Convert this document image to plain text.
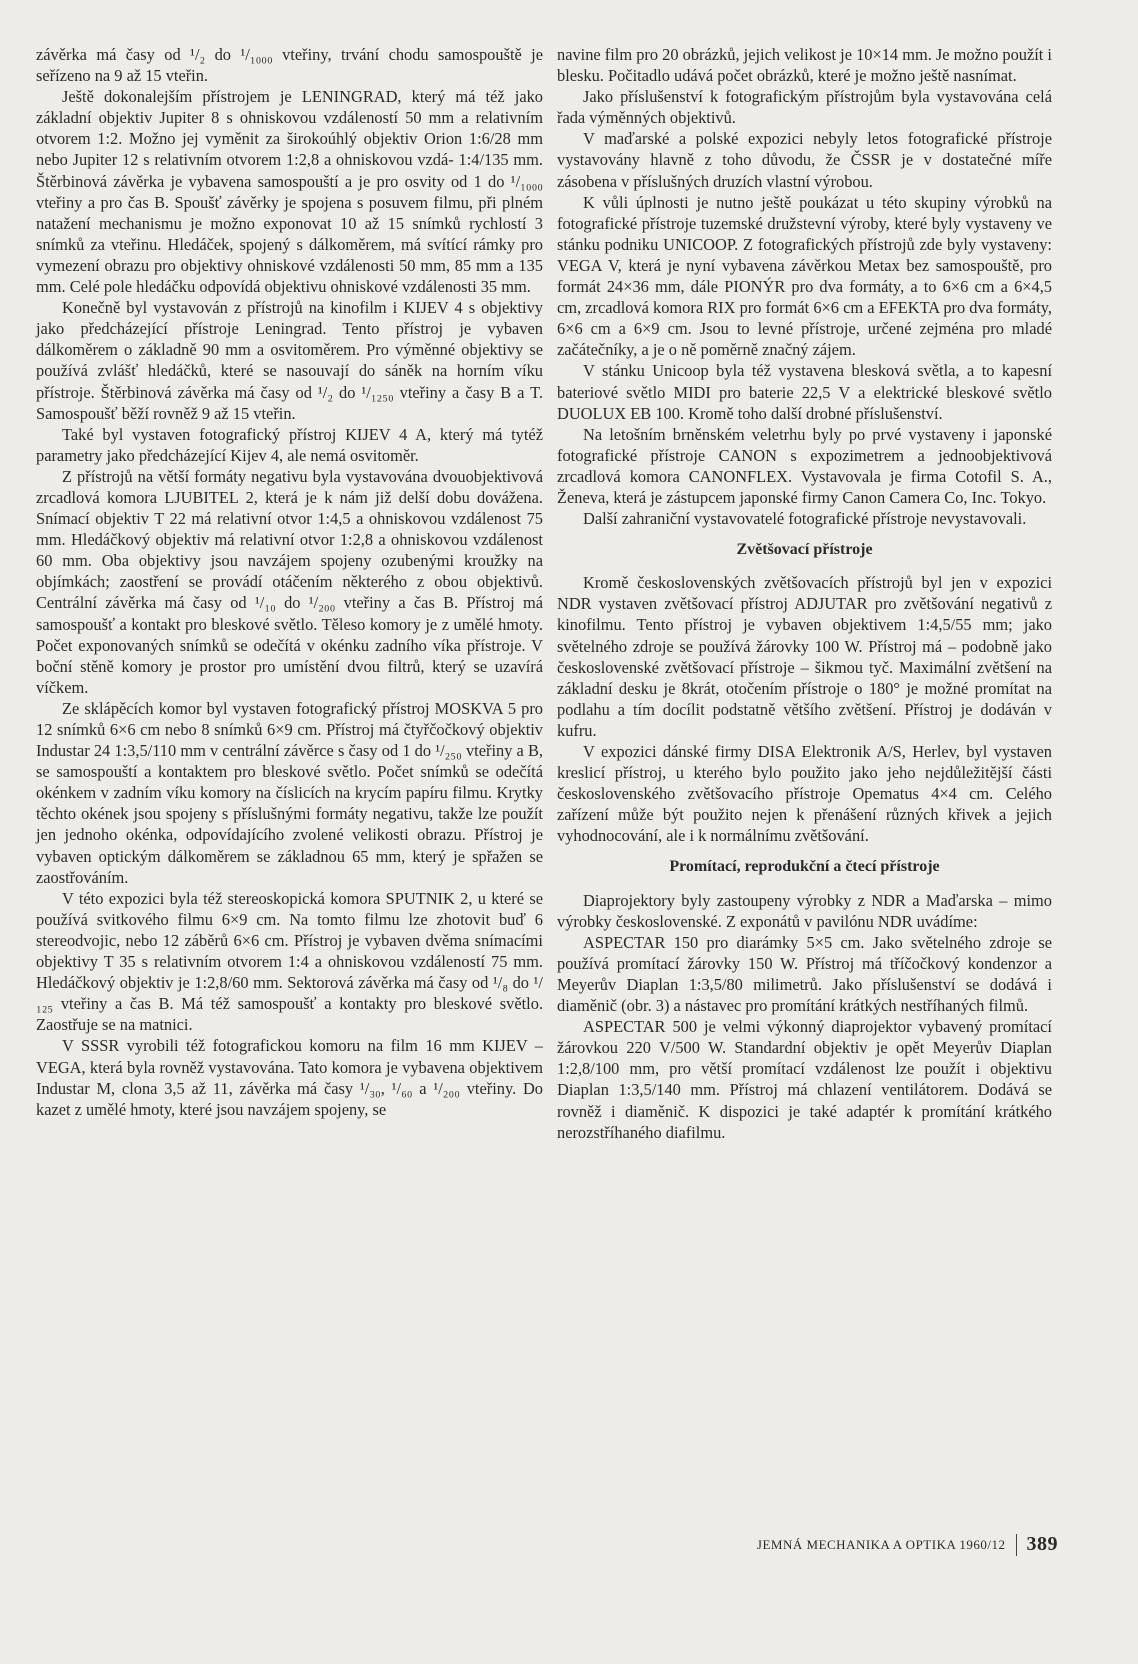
závěrka má časy od ¹/₂ do ¹/₁₀₀₀ vteřiny, trvání chodu samospouště je seřízeno na 9 až 15 vteřin.

Ještě dokonalejším přístrojem je LENINGRAD, který má též jako základní objektiv Jupiter 8 s ohniskovou vzdáleností 50 mm a relativním otvorem 1:2. Možno jej vyměnit za širokoúhlý objektiv Orion 1:6/28 mm nebo Jupiter 12 s relativním otvorem 1:2,8 a ohniskovou vzdá- 1:4/135 mm. Štěrbinová závěrka je vybavena samospouští a je pro osvity od 1 do ¹/₁₀₀₀ vteřiny a pro čas B. Spoušť závěrky je spojena s posuvem filmu, při plném natažení mechanismu je možno exponovat 10 až 15 snímků rychlostí 3 snímků za vteřinu. Hledáček, spojený s dálkoměrem, má svítící rámky pro vymezení obrazu pro objektivy ohniskové vzdálenosti 50 mm, 85 mm a 135 mm. Celé pole hledáčku odpovídá objektivu ohniskové vzdálenosti 35 mm.

Konečně byl vystavován z přístrojů na kinofilm i KIJEV 4 s objektivy jako předcházející přístroje Leningrad. Tento přístroj je vybaven dálkoměrem o základně 90 mm a osvitoměrem. Pro výměnné objektivy se používá zvlášť hledáčků, které se nasouvají do sáněk na horním víku přístroje. Štěrbinová závěrka má časy od ¹/₂ do ¹/₁₂₅₀ vteřiny a časy B a T. Samospoušť běží rovněž 9 až 15 vteřin.

Také byl vystaven fotografický přístroj KIJEV 4 A, který má tytéž parametry jako předcházející Kijev 4, ale nemá osvitoměr.

Z přístrojů na větší formáty negativu byla vystavována dvouobjektivová zrcadlová komora LJUBITEL 2, která je k nám již delší dobu dovážena. Snímací objektiv T 22 má relativní otvor 1:4,5 a ohniskovou vzdálenost 75 mm. Hledáčkový objektiv má relativní otvor 1:2,8 a ohniskovou vzdálenost 60 mm. Oba objektivy jsou navzájem spojeny ozubenými kroužky na objímkách; zaostření se provádí otáčením některého z obou objektivů. Centrální závěrka má časy od ¹/₁₀ do ¹/₂₀₀ vteřiny a čas B. Přístroj má samospoušť a kontakt pro bleskové světlo. Těleso komory je z umělé hmoty. Počet exponovaných snímků se odečítá v okénku zadního víka přístroje. V boční stěně komory je prostor pro umístění dvou filtrů, který se uzavírá víčkem.

Ze sklápěcích komor byl vystaven fotografický přístroj MOSKVA 5 pro 12 snímků 6×6 cm nebo 8 snímků 6×9 cm. Přístroj má čtyřčočkový objektiv Industar 24 1:3,5/110 mm v centrální závěrce s časy od 1 do ¹/₂₅₀ vteřiny a B, se samospouští a kontaktem pro bleskové světlo. Počet snímků se odečítá okénkem v zadním víku komory na číslicích na krycím papíru filmu. Krytky těchto okének jsou spojeny s příslušnými formáty negativu, takže lze použít jen jednoho okénka, odpovídajícího zvolené velikosti obrazu. Přístroj je vybaven optickým dálkoměrem se základnou 65 mm, který je spřažen se zaostřováním.

V této expozici byla též stereoskopická komora SPUTNIK 2, u které se používá svitkového filmu 6×9 cm. Na tomto filmu lze zhotovit buď 6 stereodvojic, nebo 12 záběrů 6×6 cm. Přístroj je vybaven dvěma snímacími objektivy T 35 s relativním otvorem 1:4 a ohniskovou vzdáleností 75 mm. Hledáčkový objektiv je 1:2,8/60 mm. Sektorová závěrka má časy od ¹/₈ do ¹/₁₂₅ vteřiny a čas B. Má též samospoušť a kontakty pro bleskové světlo. Zaostřuje se na matnici.

V SSSR vyrobili též fotografickou komoru na film 16 mm KIJEV – VEGA, která byla rovněž vystavována. Tato komora je vybavena objektivem Industar M, clona 3,5 až 11, závěrka má časy ¹/₃₀, ¹/₆₀ a ¹/₂₀₀ vteřiny. Do kazet z umělé hmoty, které jsou navzájem spojeny, se

navine film pro 20 obrázků, jejich velikost je 10×14 mm. Je možno použít i blesku. Počitadlo udává počet obrázků, které je možno ještě nasnímat.

Jako příslušenství k fotografickým přístrojům byla vystavována celá řada výměnných objektivů.

V maďarské a polské expozici nebyly letos fotografické přístroje vystavovány hlavně z toho důvodu, že ČSSR je v dostatečné míře zásobena v příslušných druzích vlastní výrobou.

K vůli úplnosti je nutno ještě poukázat u této skupiny výrobků na fotografické přístroje tuzemské družstevní výroby, které byly vystaveny ve stánku podniku UNICOOP. Z fotografických přístrojů zde byly vystaveny: VEGA V, která je nyní vybavena závěrkou Metax bez samospouště, pro formát 24×36 mm, dále PIONÝR pro dva formáty, a to 6×6 cm a 6×4,5 cm, zrcadlová komora RIX pro formát 6×6 cm a EFEKTA pro dva formáty, 6×6 cm a 6×9 cm. Jsou to levné přístroje, určené zejména pro mladé začátečníky, a je o ně poměrně značný zájem.

V stánku Unicoop byla též vystavena blesková světla, a to kapesní bateriové světlo MIDI pro baterie 22,5 V a elektrické bleskové světlo DUOLUX EB 100. Kromě toho další drobné příslušenství.

Na letošním brněnském veletrhu byly po prvé vystaveny i japonské fotografické přístroje CANON s expozimetrem a jednoobjektivová zrcadlová komora CANONFLEX. Vystavovala je firma Cotofil S. A., Ženeva, která je zástupcem japonské firmy Canon Camera Co, Inc. Tokyo.

Další zahraniční vystavovatelé fotografické přístroje nevystavovali.

Zvětšovací přístroje

Kromě československých zvětšovacích přístrojů byl jen v expozici NDR vystaven zvětšovací přístroj ADJUTAR pro zvětšování negativů z kinofilmu. Tento přístroj je vybaven objektivem 1:4,5/55 mm; jako světelného zdroje se používá žárovky 100 W. Přístroj má – podobně jako československé zvětšovací přístroje – šikmou tyč. Maximální zvětšení na základní desku je 8krát, otočením přístroje o 180° je možné promítat na podlahu a tím docílit podstatně většího zvětšení. Přístroj je dodáván v kufru.

V expozici dánské firmy DISA Elektronik A/S, Herlev, byl vystaven kreslicí přístroj, u kterého bylo použito jako jeho nejdůležitější části československého zvětšovacího přístroje Opematus 4×4 cm. Celého zařízení může být použito nejen k přenášení různých křivek a jejich vyhodnocování, ale i k normálnímu zvětšování.

Promítací, reprodukční a čtecí přístroje

Diaprojektory byly zastoupeny výrobky z NDR a Maďarska – mimo výrobky československé. Z exponátů v pavilónu NDR uvádíme:

ASPECTAR 150 pro diarámky 5×5 cm. Jako světelného zdroje se používá promítací žárovky 150 W. Přístroj má tříčočkový kondenzor a Meyerův Diaplan 1:3,5/80 milimetrů. Jako příslušenství se dodává i diaměnič (obr. 3) a nástavec pro promítání krátkých nestříhaných filmů.

ASPECTAR 500 je velmi výkonný diaprojektor vybavený promítací žárovkou 220 V/500 W. Standardní objektiv je opět Meyerův Diaplan 1:2,8/100 mm, pro větší promítací vzdálenost lze použít i objektivu Diaplan 1:3,5/140 mm. Přístroj má chlazení ventilátorem. Dodává se rovněž i diaměnič. K dispozici je také adaptér k promítání krátkého nerozstříhaného diafilmu.

JEMNÁ MECHANIKA A OPTIKA 1960/12 389
